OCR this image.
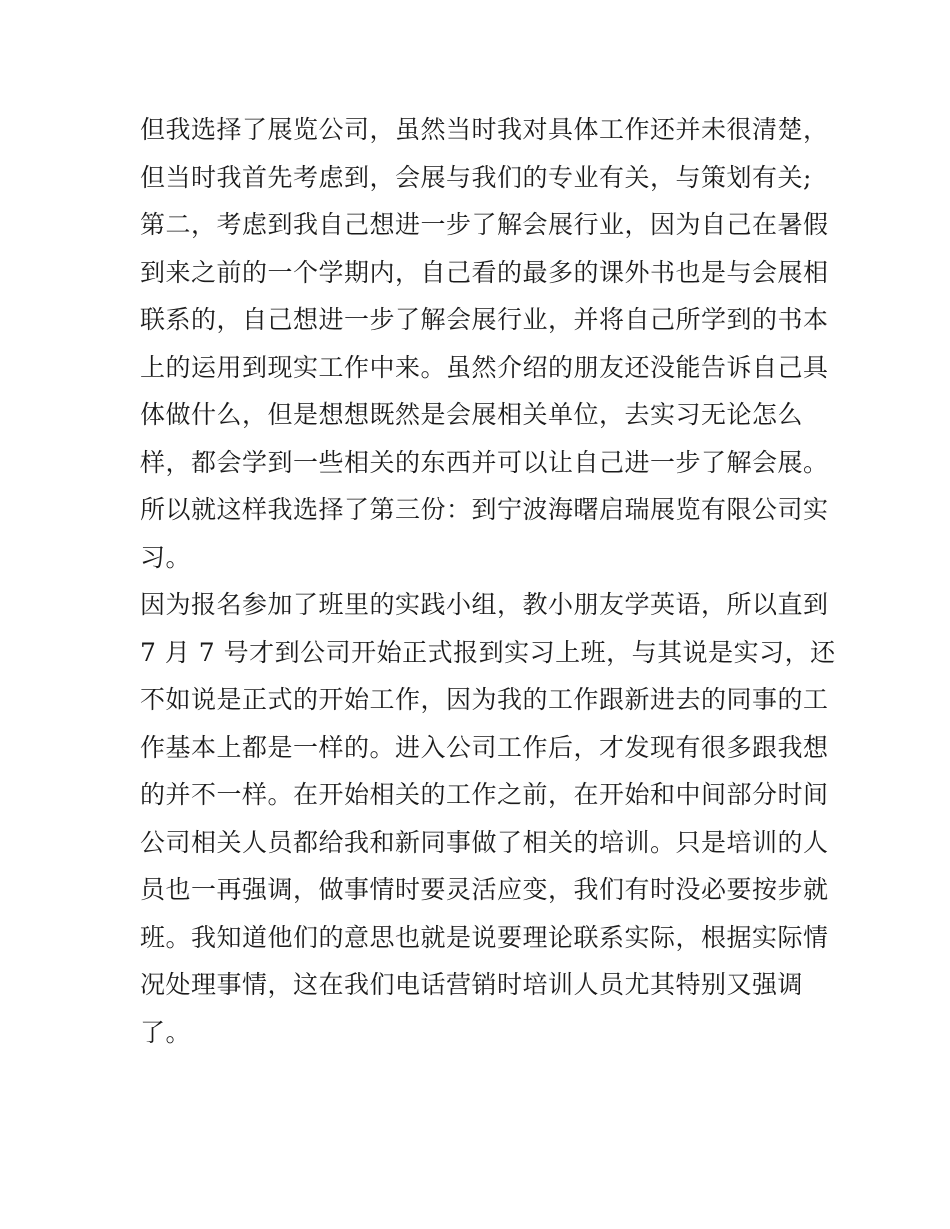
但我选择了展览公司，虽然当时我对具体工作还并未很清楚，
但当时我首先考虑到，会展与我们的专业有关，与策划有关;
第二，考虑到我自己想进一步了解会展行业，因为自己在暑假
到来之前的一个学期内，自己看的最多的课外书也是与会展相
联系的，自己想进一步了解会展行业，并将自己所学到的书本
上的运用到现实工作中来。虽然介绍的朋友还没能告诉自己具
体做什么，但是想想既然是会展相关单位，去实习无论怎么
样，都会学到一些相关的东西并可以让自己进一步了解会展。
所以就这样我选择了第三份：到宁波海曙启瑞展览有限公司实
习。
因为报名参加了班里的实践小组，教小朋友学英语，所以直到
7 月 7 号才到公司开始正式报到实习上班，与其说是实习，还
不如说是正式的开始工作，因为我的工作跟新进去的同事的工
作基本上都是一样的。进入公司工作后，才发现有很多跟我想
的并不一样。在开始相关的工作之前，在开始和中间部分时间
公司相关人员都给我和新同事做了相关的培训。只是培训的人
员也一再强调，做事情时要灵活应变，我们有时没必要按步就
班。我知道他们的意思也就是说要理论联系实际，根据实际情
况处理事情，这在我们电话营销时培训人员尤其特别又强调
了。
